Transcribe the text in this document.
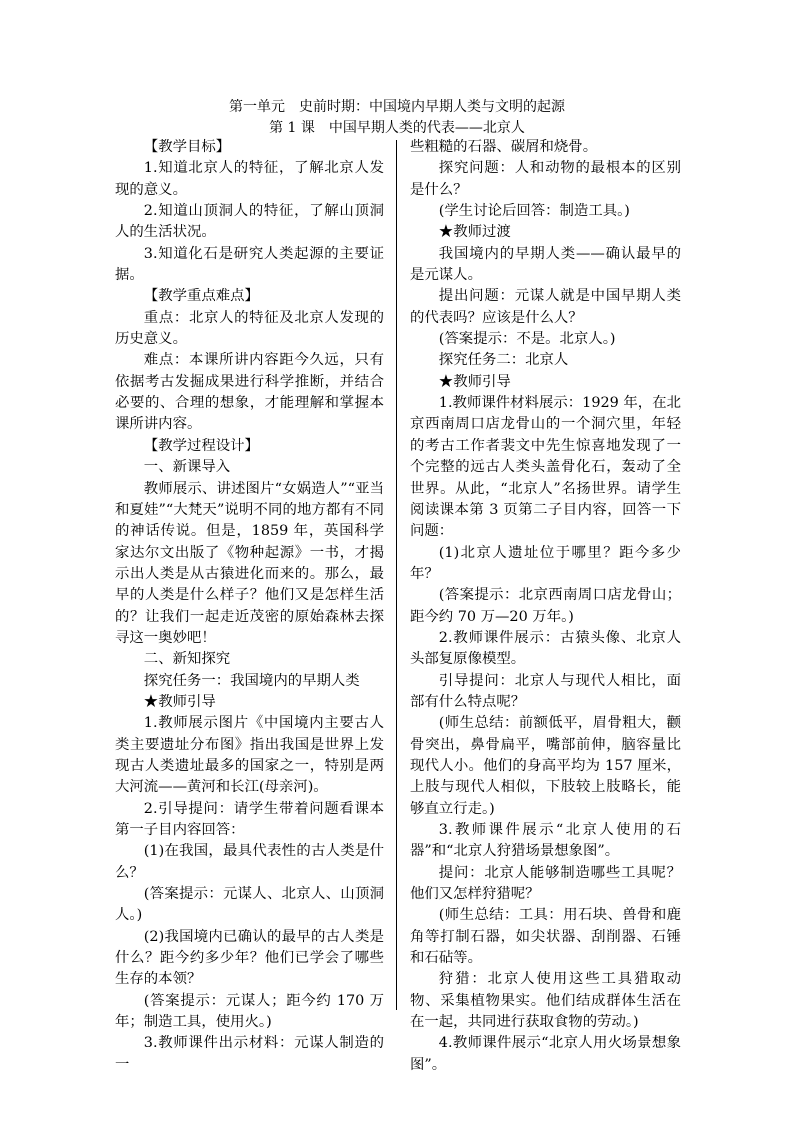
第一单元　史前时期：中国境内早期人类与文明的起源
第 1 课　中国早期人类的代表——北京人

【教学目标】

1.知道北京人的特征，了解北京人发现的意义。

2.知道山顶洞人的特征，了解山顶洞人的生活状况。

3.知道化石是研究人类起源的主要证据。

【教学重点难点】

重点：北京人的特征及北京人发现的历史意义。

难点：本课所讲内容距今久远，只有依据考古发掘成果进行科学推断，并结合必要的、合理的想象，才能理解和掌握本课所讲内容。

【教学过程设计】

一、新课导入

教师展示、讲述图片“女娲造人”“亚当和夏娃”“大梵天”说明不同的地方都有不同的神话传说。但是，1859 年，英国科学家达尔文出版了《物种起源》一书，才揭示出人类是从古猿进化而来的。那么，最早的人类是什么样子？他们又是怎样生活的？让我们一起走近茂密的原始森林去探寻这一奥妙吧！

二、新知探究

探究任务一：我国境内的早期人类

★教师引导

1.教师展示图片《中国境内主要古人类主要遗址分布图》指出我国是世界上发现古人类遗址最多的国家之一，特别是两大河流——黄河和长江(母亲河)。

2.引导提问：请学生带着问题看课本第一子目内容回答：

(1)在我国，最具代表性的古人类是什么？

(答案提示：元谋人、北京人、山顶洞人。)

(2)我国境内已确认的最早的古人类是什么？距今约多少年？他们已学会了哪些生存的本领？

(答案提示：元谋人；距今约 170 万年；制造工具，使用火。)

3.教师课件出示材料：元谋人制造的一

些粗糙的石器、碳屑和烧骨。

探究问题：人和动物的最根本的区别是什么？

(学生讨论后回答：制造工具。)

★教师过渡

我国境内的早期人类——确认最早的是元谋人。

提出问题：元谋人就是中国早期人类的代表吗？应该是什么人？

(答案提示：不是。北京人。)

探究任务二：北京人

★教师引导

1.教师课件材料展示：1929 年，在北京西南周口店龙骨山的一个洞穴里，年轻的考古工作者裴文中先生惊喜地发现了一个完整的远古人类头盖骨化石，轰动了全世界。从此，“北京人”名扬世界。请学生阅读课本第 3 页第二子目内容，回答一下问题：

(1)北京人遗址位于哪里？距今多少年？

(答案提示：北京西南周口店龙骨山；距今约 70 万—20 万年。)

2.教师课件展示：古猿头像、北京人头部复原像模型。

引导提问：北京人与现代人相比，面部有什么特点呢？

(师生总结：前额低平，眉骨粗大，颧骨突出，鼻骨扁平，嘴部前伸，脑容量比现代人小。他们的身高平均为 157 厘米，上肢与现代人相似，下肢较上肢略长，能够直立行走。)

3.教师课件展示“北京人使用的石器”和“北京人狩猎场景想象图”。

提问：北京人能够制造哪些工具呢？他们又怎样狩猎呢？

(师生总结：工具：用石块、兽骨和鹿角等打制石器，如尖状器、刮削器、石锤和石砧等。

狩猎：北京人使用这些工具猎取动物、采集植物果实。他们结成群体生活在在一起，共同进行获取食物的劳动。)

4.教师课件展示“北京人用火场景想象图”。
